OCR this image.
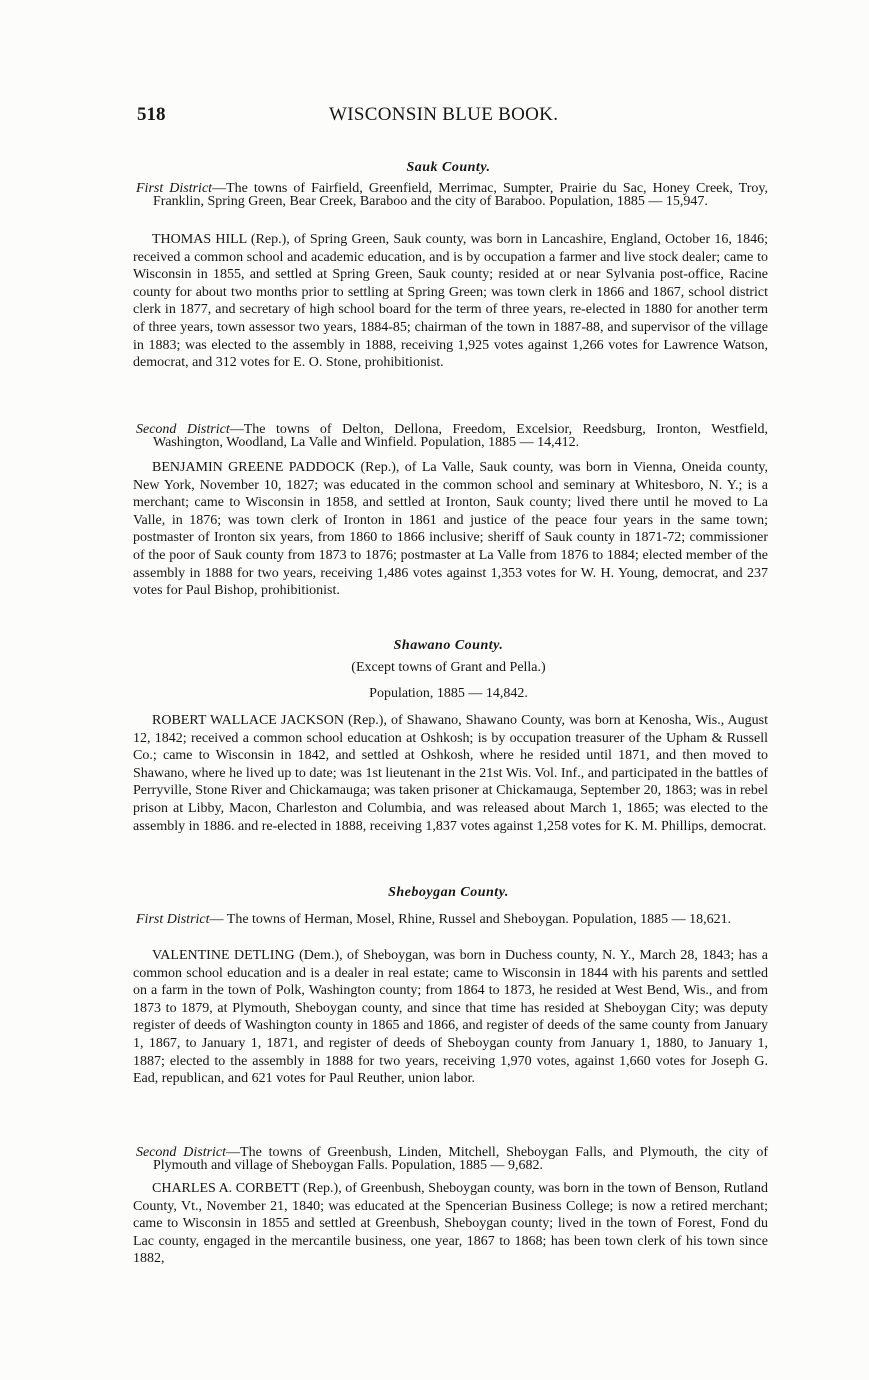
518	WISCONSIN BLUE BOOK.
Sauk County.
First District—The towns of Fairfield, Greenfield, Merrimac, Sumpter, Prairie du Sac, Honey Creek, Troy, Franklin, Spring Green, Bear Creek, Baraboo and the city of Baraboo. Population, 1885 — 15,947.
THOMAS HILL (Rep.), of Spring Green, Sauk county, was born in Lancashire, England, October 16, 1846; received a common school and academic education, and is by occupation a farmer and live stock dealer; came to Wisconsin in 1855, and settled at Spring Green, Sauk county; resided at or near Sylvania post-office, Racine county for about two months prior to settling at Spring Green; was town clerk in 1866 and 1867, school district clerk in 1877, and secretary of high school board for the term of three years, re-elected in 1880 for another term of three years, town assessor two years, 1884-85; chairman of the town in 1887-88, and supervisor of the village in 1883; was elected to the assembly in 1888, receiving 1,925 votes against 1,266 votes for Lawrence Watson, democrat, and 312 votes for E. O. Stone, prohibitionist.
Second District—The towns of Delton, Dellona, Freedom, Excelsior, Reedsburg, Ironton, Westfield, Washington, Woodland, La Valle and Winfield. Population, 1885 — 14,412.
BENJAMIN GREENE PADDOCK (Rep.), of La Valle, Sauk county, was born in Vienna, Oneida county, New York, November 10, 1827; was educated in the common school and seminary at Whitesboro, N. Y.; is a merchant; came to Wisconsin in 1858, and settled at Ironton, Sauk county; lived there until he moved to La Valle, in 1876; was town clerk of Ironton in 1861 and justice of the peace four years in the same town; postmaster of Ironton six years, from 1860 to 1866 inclusive; sheriff of Sauk county in 1871-72; commissioner of the poor of Sauk county from 1873 to 1876; postmaster at La Valle from 1876 to 1884; elected member of the assembly in 1888 for two years, receiving 1,486 votes against 1,353 votes for W. H. Young, democrat, and 237 votes for Paul Bishop, prohibitionist.
Shawano County.
(Except towns of Grant and Pella.)
Population, 1885 — 14,842.
ROBERT WALLACE JACKSON (Rep.), of Shawano, Shawano County, was born at Kenosha, Wis., August 12, 1842; received a common school education at Oshkosh; is by occupation treasurer of the Upham & Russell Co.; came to Wisconsin in 1842, and settled at Oshkosh, where he resided until 1871, and then moved to Shawano, where he lived up to date; was 1st lieutenant in the 21st Wis. Vol. Inf., and participated in the battles of Perryville, Stone River and Chickamauga; was taken prisoner at Chickamauga, September 20, 1863; was in rebel prison at Libby, Macon, Charleston and Columbia, and was released about March 1, 1865; was elected to the assembly in 1886. and re-elected in 1888, receiving 1,837 votes against 1,258 votes for K. M. Phillips, democrat.
Sheboygan County.
First District— The towns of Herman, Mosel, Rhine, Russel and Sheboygan. Population, 1885 — 18,621.
VALENTINE DETLING (Dem.), of Sheboygan, was born in Duchess county, N. Y., March 28, 1843; has a common school education and is a dealer in real estate; came to Wisconsin in 1844 with his parents and settled on a farm in the town of Polk, Washington county; from 1864 to 1873, he resided at West Bend, Wis., and from 1873 to 1879, at Plymouth, Sheboygan county, and since that time has resided at Sheboygan City; was deputy register of deeds of Washington county in 1865 and 1866, and register of deeds of the same county from January 1, 1867, to January 1, 1871, and register of deeds of Sheboygan county from January 1, 1880, to January 1, 1887; elected to the assembly in 1888 for two years, receiving 1,970 votes, against 1,660 votes for Joseph G. Ead, republican, and 621 votes for Paul Reuther, union labor.
Second District—The towns of Greenbush, Linden, Mitchell, Sheboygan Falls, and Plymouth, the city of Plymouth and village of Sheboygan Falls. Population, 1885 — 9,682.
CHARLES A. CORBETT (Rep.), of Greenbush, Sheboygan county, was born in the town of Benson, Rutland County, Vt., November 21, 1840; was educated at the Spencerian Business College; is now a retired merchant; came to Wisconsin in 1855 and settled at Greenbush, Sheboygan county; lived in the town of Forest, Fond du Lac county, engaged in the mercantile business, one year, 1867 to 1868; has been town clerk of his town since 1882,
